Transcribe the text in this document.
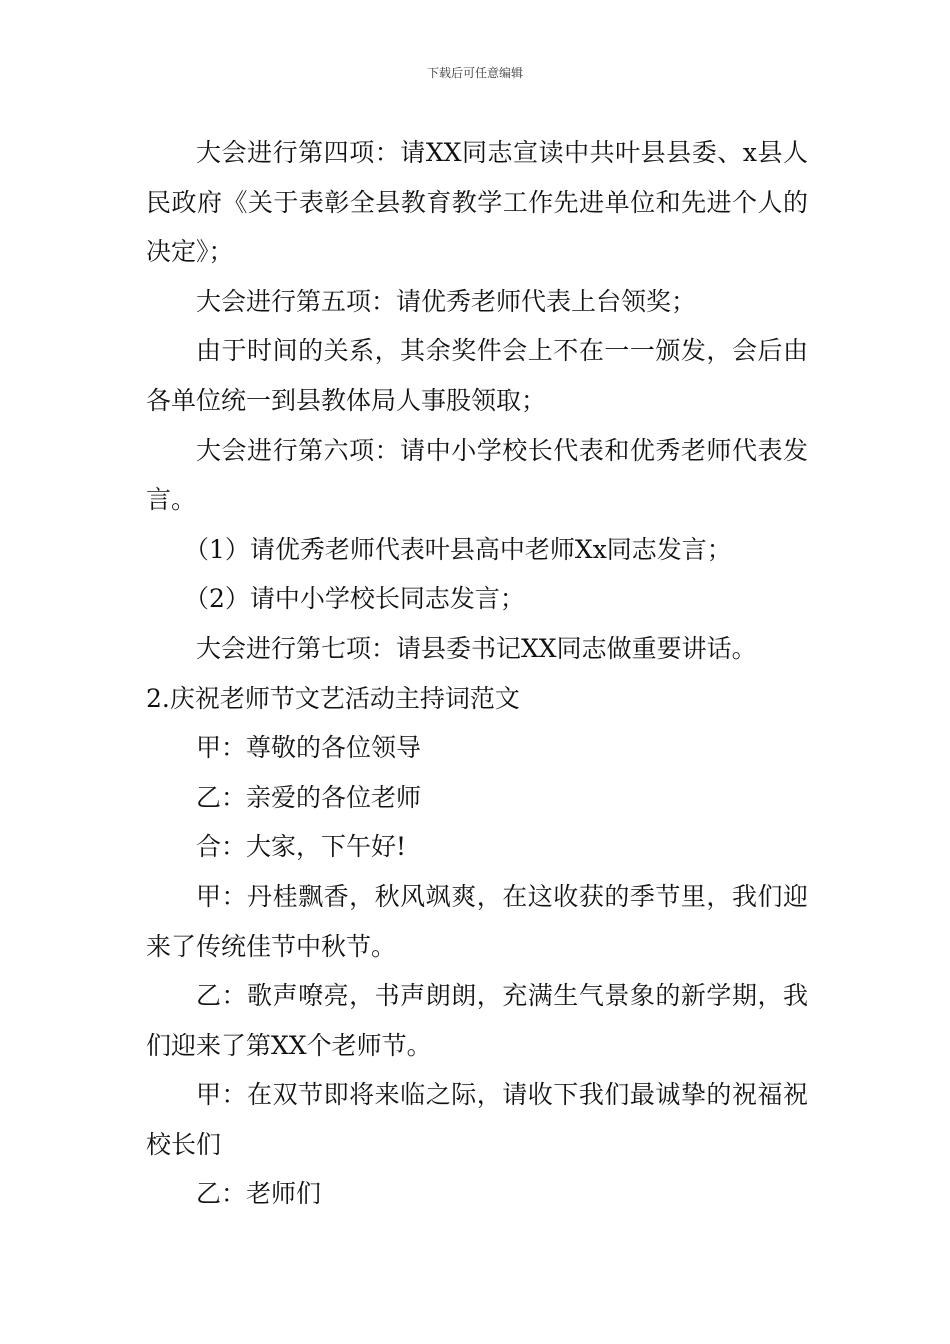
下载后可任意编辑

大会进行第四项：请XX同志宣读中共叶县县委、x县人民政府《关于表彰全县教育教学工作先进单位和先进个人的决定》；

大会进行第五项：请优秀老师代表上台领奖；

由于时间的关系，其余奖件会上不在一一颁发，会后由各单位统一到县教体局人事股领取；

大会进行第六项：请中小学校长代表和优秀老师代表发言。

（1）请优秀老师代表叶县高中老师Xx同志发言；

（2）请中小学校长同志发言；

大会进行第七项：请县委书记XX同志做重要讲话。

2.庆祝老师节文艺活动主持词范文

甲：尊敬的各位领导

乙：亲爱的各位老师

合：大家，下午好!

甲：丹桂飘香，秋风飒爽，在这收获的季节里，我们迎来了传统佳节中秋节。

乙：歌声嘹亮，书声朗朗，充满生气景象的新学期，我们迎来了第XX个老师节。

甲：在双节即将来临之际，请收下我们最诚挚的祝福祝校长们

乙：老师们
